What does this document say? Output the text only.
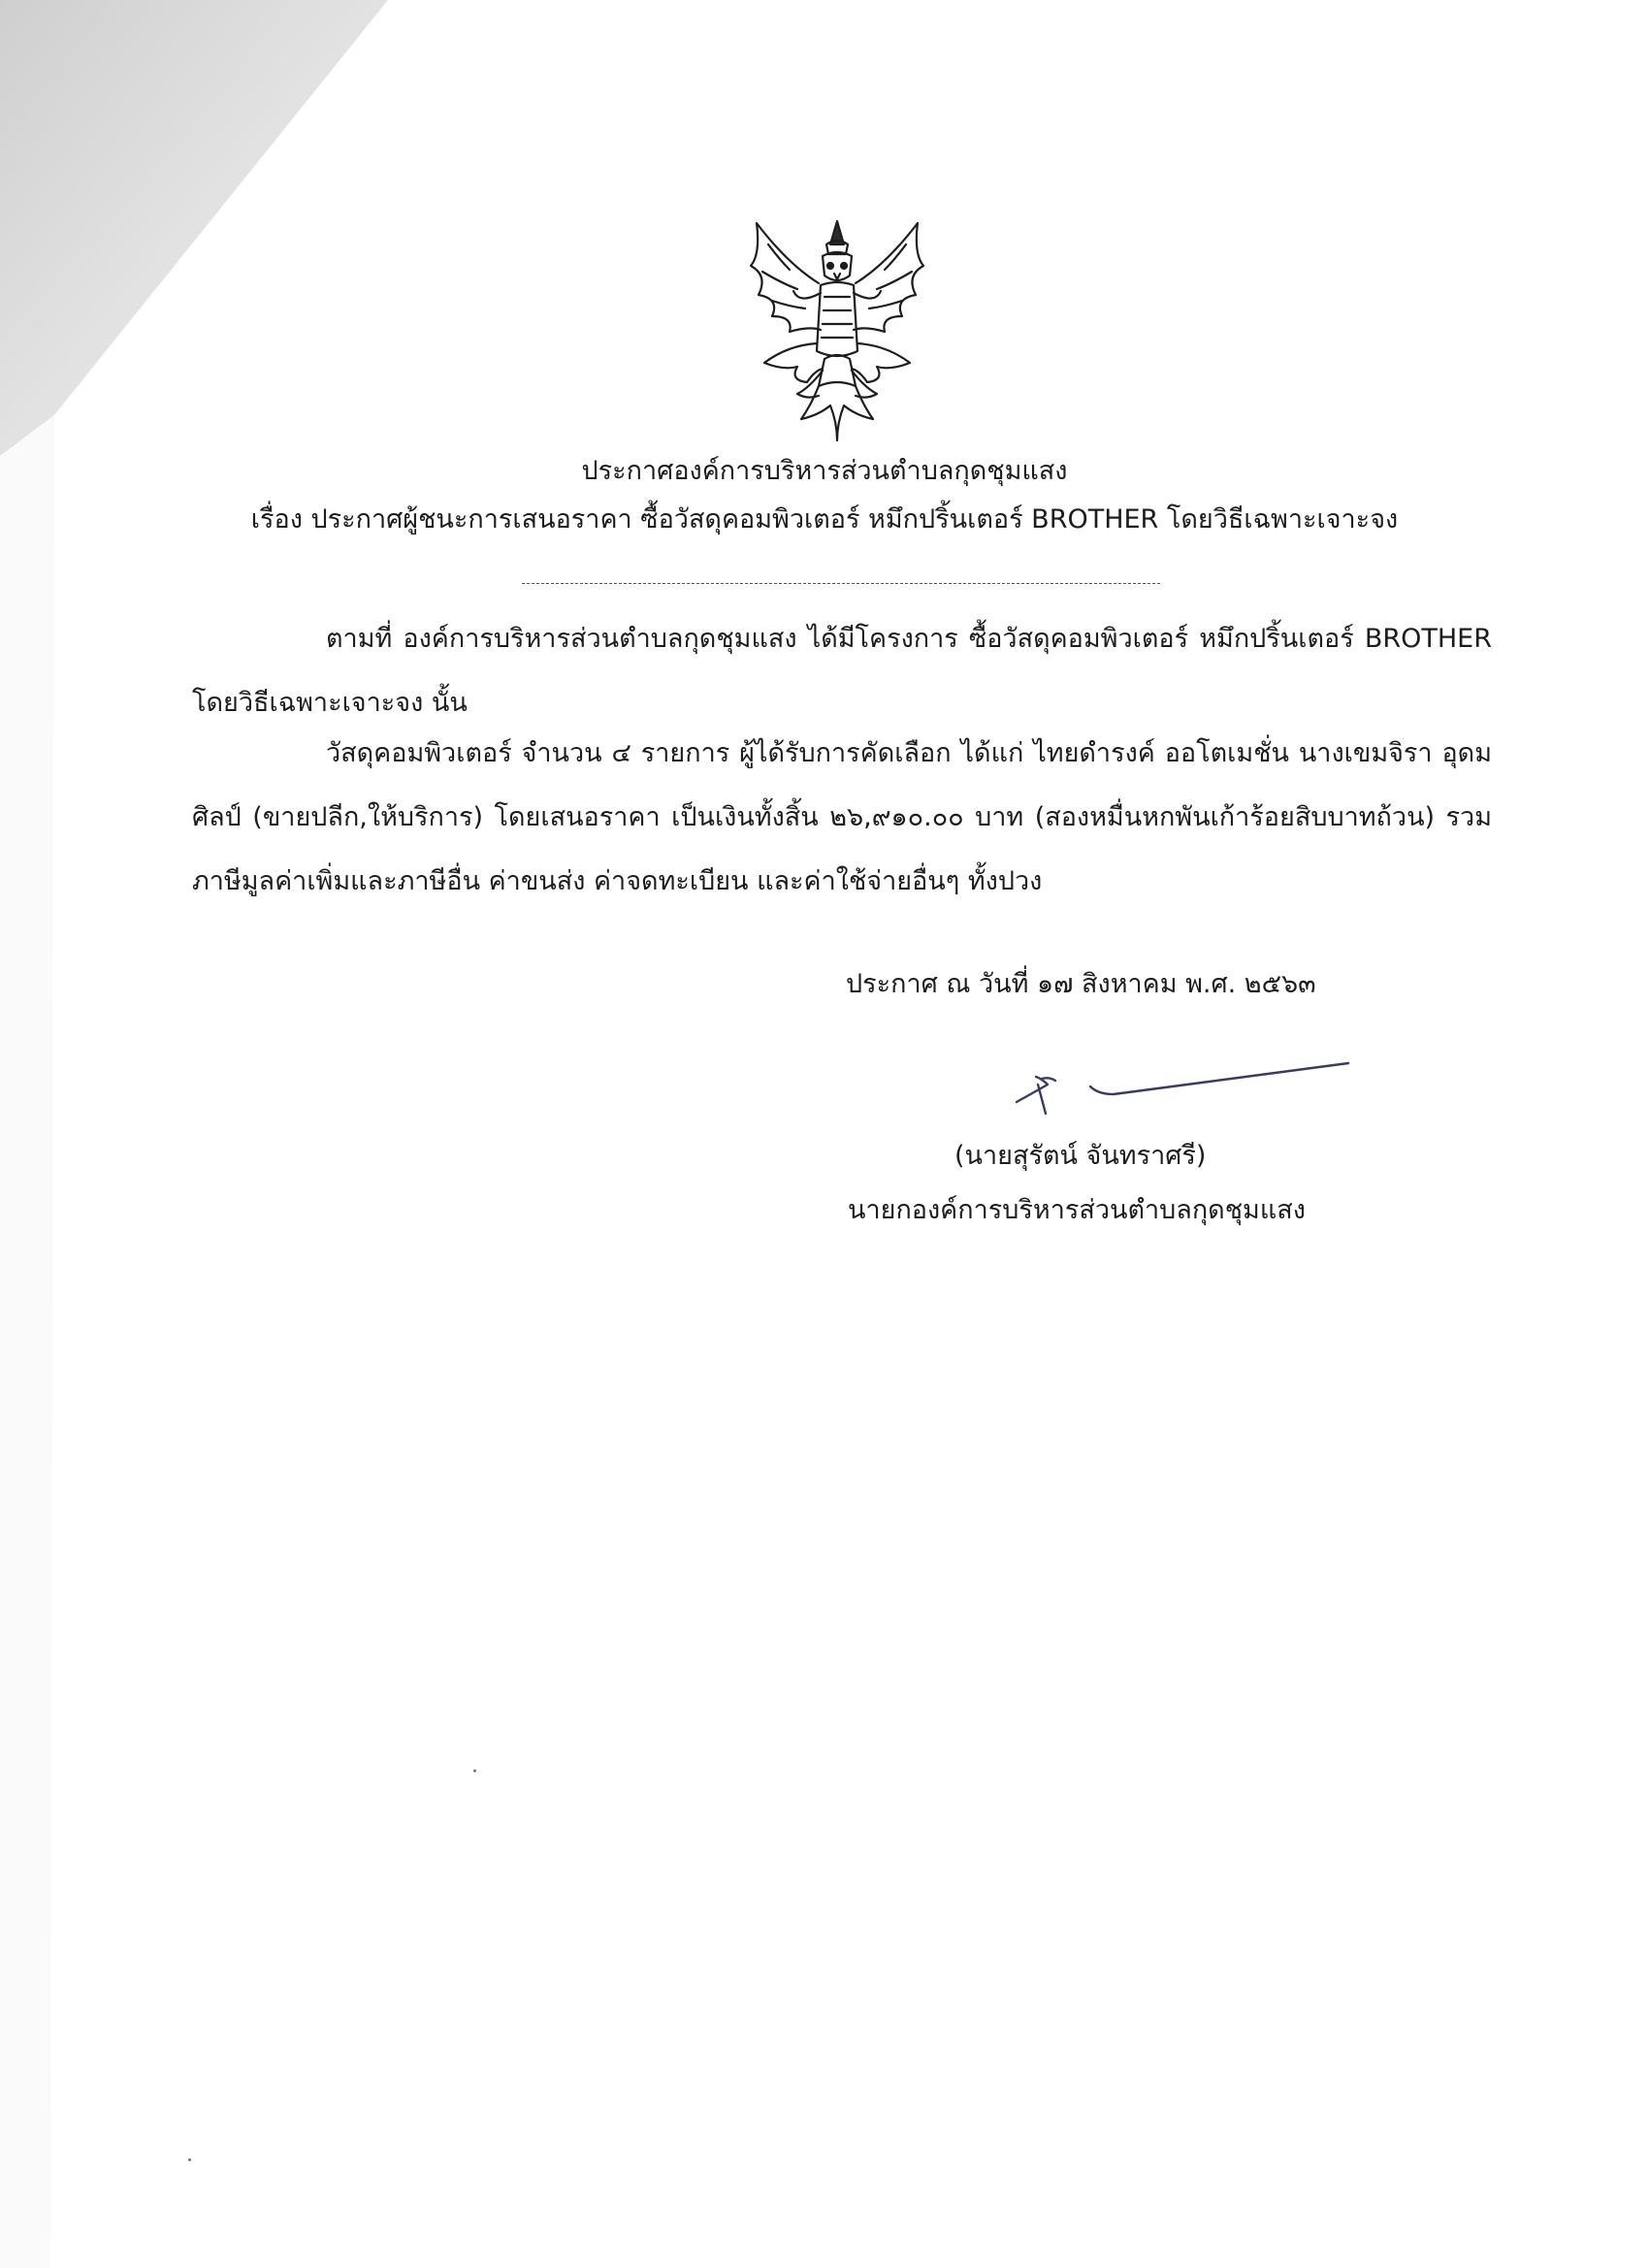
ประกาศองค์การบริหารส่วนตำบลกุดชุมแสง
เรื่อง ประกาศผู้ชนะการเสนอราคา ซื้อวัสดุคอมพิวเตอร์ หมึกปริ้นเตอร์ BROTHER โดยวิธีเฉพาะเจาะจง
ตามที่ องค์การบริหารส่วนตำบลกุดชุมแสง ได้มีโครงการ ซื้อวัสดุคอมพิวเตอร์ หมึกปริ้นเตอร์ BROTHER โดยวิธีเฉพาะเจาะจง นั้น
วัสดุคอมพิวเตอร์ จำนวน ๔ รายการ ผู้ได้รับการคัดเลือก ได้แก่ ไทยดำรงค์ ออโตเมชั่น นางเขมจิรา อุดมศิลป์ (ขายปลีก,ให้บริการ) โดยเสนอราคา เป็นเงินทั้งสิ้น ๒๖,๙๑๐.๐๐ บาท (สองหมื่นหกพันเก้าร้อยสิบบาทถ้วน) รวมภาษีมูลค่าเพิ่มและภาษีอื่น ค่าขนส่ง ค่าจดทะเบียน และค่าใช้จ่ายอื่นๆ ทั้งปวง
ประกาศ ณ วันที่ ๑๗ สิงหาคม พ.ศ. ๒๕๖๓
(นายสุรัตน์ จันทราศรี)
นายกองค์การบริหารส่วนตำบลกุดชุมแสง
